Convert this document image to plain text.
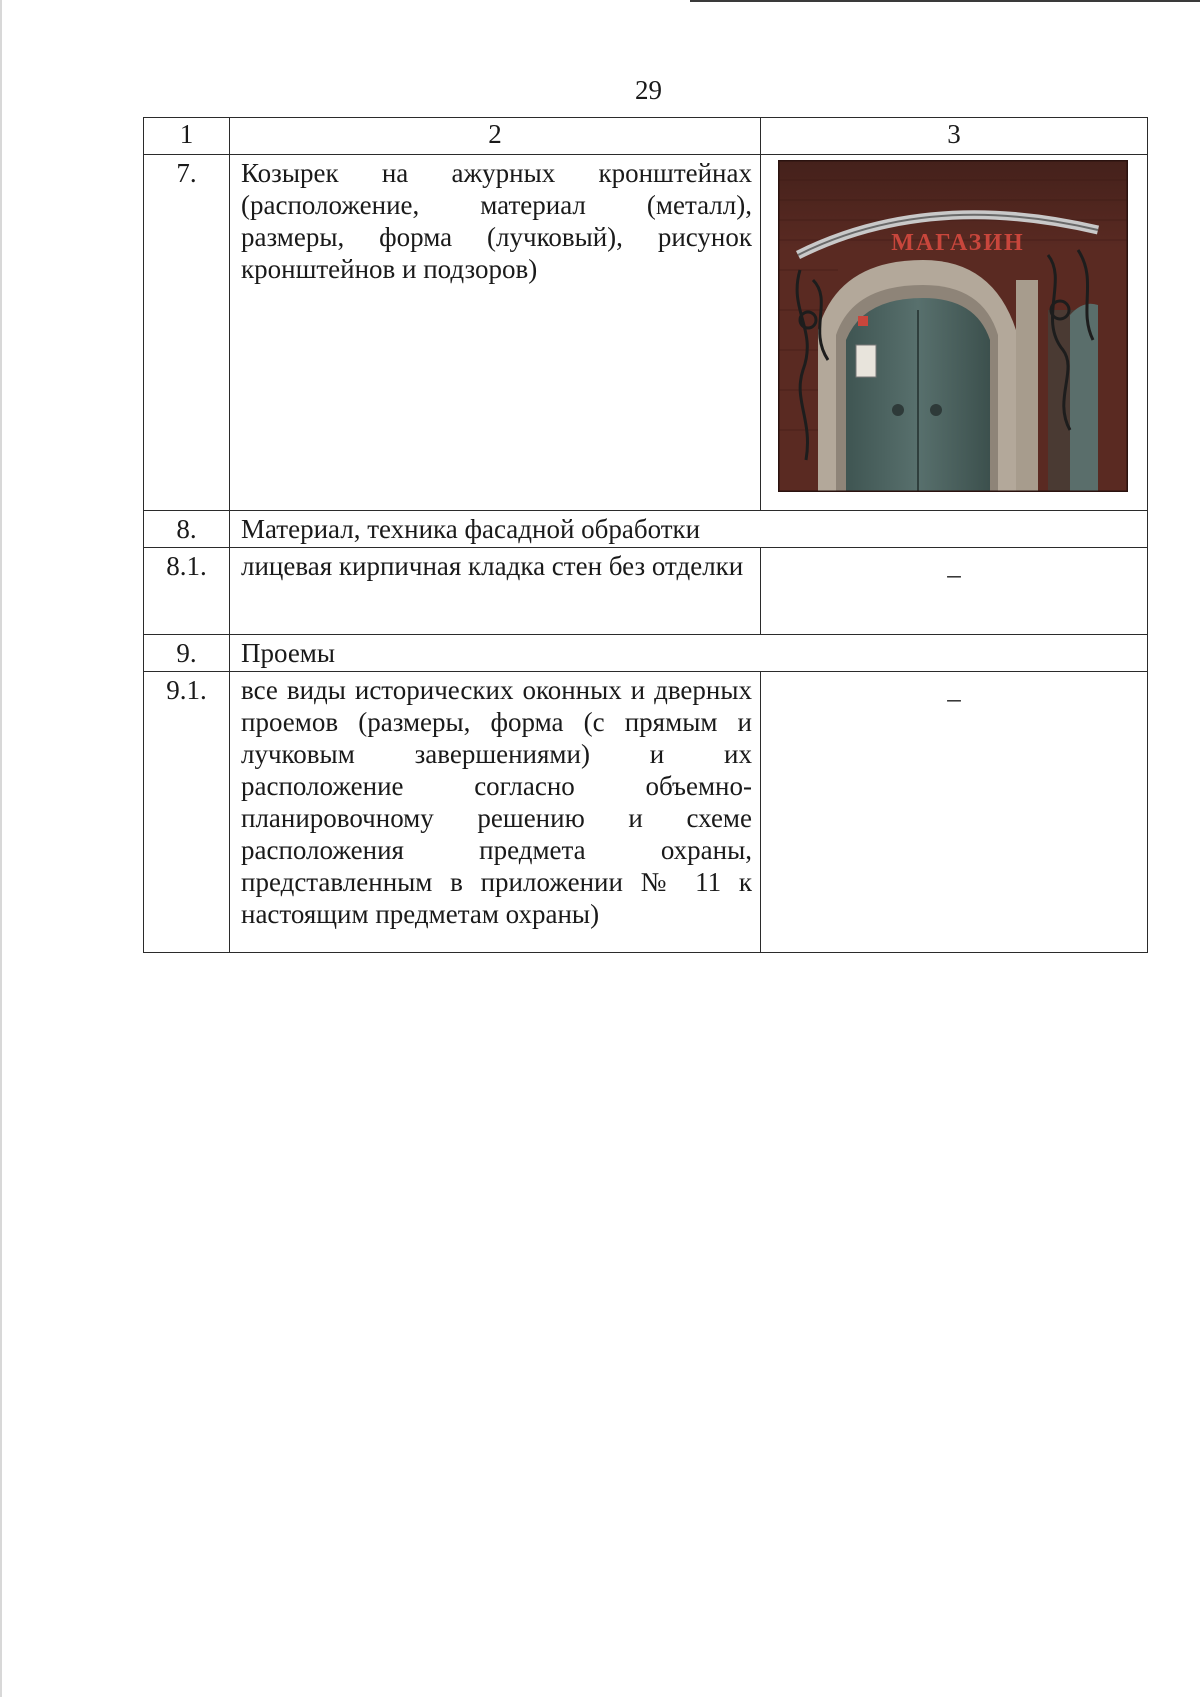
29
1	2	3
7.	Козырек на ажурных кронштейнах (расположение, материал (металл), размеры, форма (лучковый), рисунок кронштейнов и подзоров)	МАГАЗИН

8.	Материал, техника фасадной обработки	
8.1.	лицевая кирпичная кладка стен без отделки	–
9.	Проемы	
9.1.	все виды исторических оконных и дверных проемов (размеры, форма (с прямым и лучковым завершениями) и их расположение согласно объемно-планировочному решению и схеме расположения предмета охраны, представленным в приложении № 11 к настоящим предметам охраны)	–
